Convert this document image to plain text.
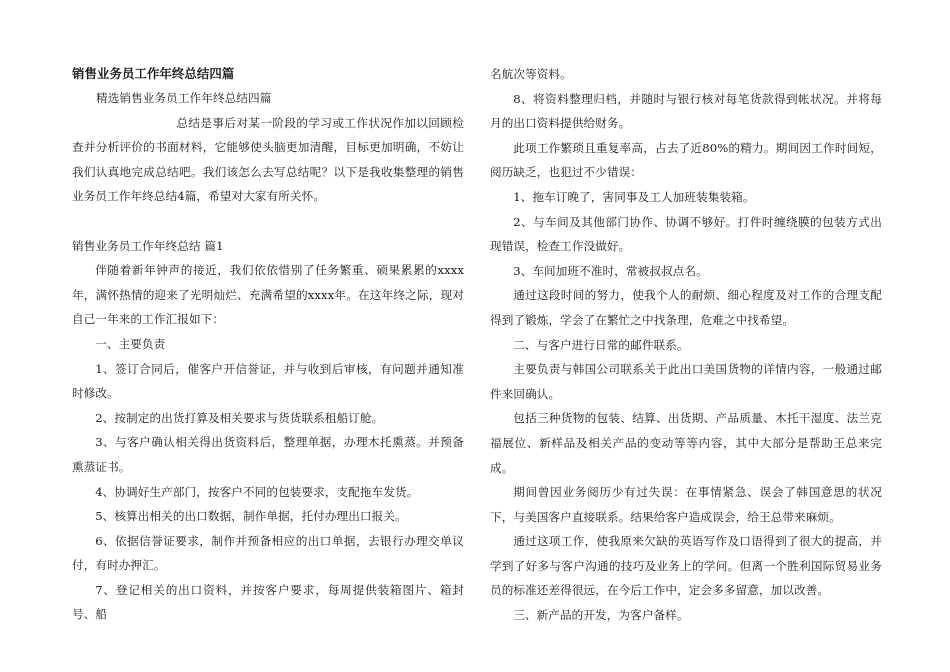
销售业务员工作年终总结四篇

精选销售业务员工作年终总结四篇

总结是事后对某一阶段的学习或工作状况作加以回顾检查并分析评价的书面材料，它能够使头脑更加清醒，目标更加明确，不妨让我们认真地完成总结吧。我们该怎么去写总结呢？以下是我收集整理的销售业务员工作年终总结4篇，希望对大家有所关怀。

销售业务员工作年终总结 篇1

伴随着新年钟声的接近，我们依依惜别了任务繁重、硕果累累的xxxx年，满怀热情的迎来了光明灿烂、充满希望的xxxx年。在这年终之际，现对自己一年来的工作汇报如下：

一、主要负责

1、签订合同后，催客户开信誉证，并与收到后审核，有问题并通知准时修改。

2、按制定的出货打算及相关要求与货货联系租船订舱。

3、与客户确认相关得出货资料后，整理单据，办理木托熏蒸。并预备熏蒸证书。

4、协调好生产部门，按客户不同的包装要求，支配拖车发货。

5、核算出相关的出口数据，制作单据，托付办理出口报关。

6、依据信誉证要求，制作并预备相应的出口单据，去银行办理交单议付，有时办押汇。

7、登记相关的出口资料，并按客户要求，每周提供装箱图片、箱封号、船

名航次等资料。

8、将资料整理归档，并随时与银行核对每笔货款得到帐状况。并将每月的出口资料提供给财务。

此项工作繁琐且重复率高，占去了近80%的精力。期间因工作时间短，阅历缺乏，也犯过不少错误：

1、拖车订晚了，害同事及工人加班装集装箱。

2、与车间及其他部门协作、协调不够好。打件时缠绕膜的包装方式出现错误，检查工作没做好。

3、车间加班不准时，常被叔叔点名。

通过这段时间的努力，使我个人的耐烦、细心程度及对工作的合理支配得到了锻炼，学会了在繁忙之中找条理，危难之中找希望。

二、与客户进行日常的邮件联系。

主要负责与韩国公司联系关于此出口美国货物的详情内容，一般通过邮件来回确认。

包括三种货物的包装、结算、出货期、产品质量、木托干湿度、法兰克福展位、新样品及相关产品的变动等等内容，其中大部分是帮助王总来完成。

期间曾因业务阅历少有过失误：在事情紧急、误会了韩国意思的状况下，与美国客户直接联系。结果给客户造成误会，给王总带来麻烦。

通过这项工作，使我原来欠缺的英语写作及口语得到了很大的提高，并学到了好多与客户沟通的技巧及业务上的学问。但离一个胜利国际贸易业务员的标准还差得很远，在今后工作中，定会多多留意，加以改善。

三、新产品的开发，为客户备样。
